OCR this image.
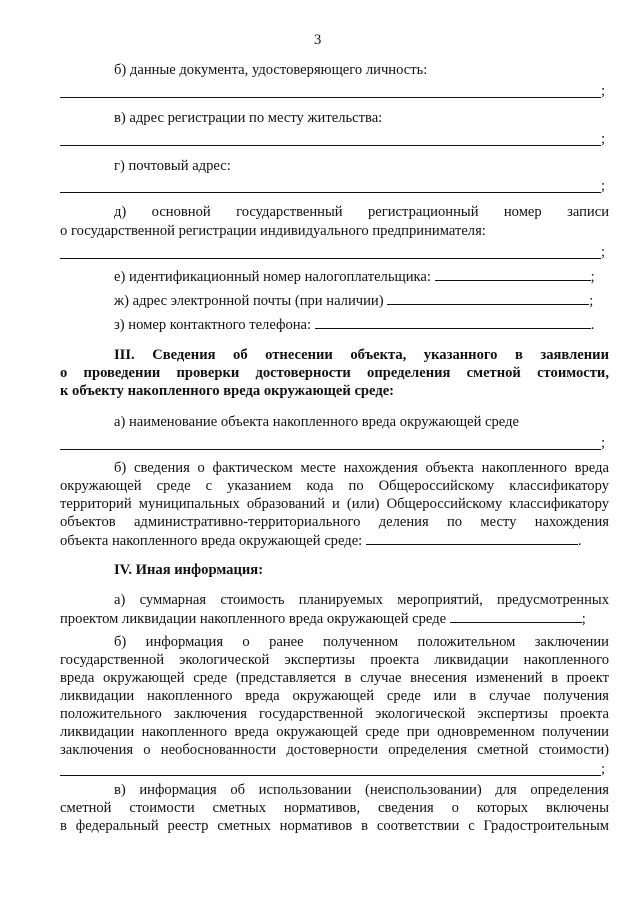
3
б) данные документа, удостоверяющего личность:
;
в) адрес регистрации по месту жительства:
;
г) почтовый адрес:
;
д) основной государственный регистрационный номер записи
о государственной регистрации индивидуального предпринимателя:
;
е) идентификационный номер налогоплательщика:	;
ж) адрес электронной почты (при наличии)	;
з) номер контактного телефона:	.
III. Сведения об отнесении объекта, указанного в заявлении
о проведении проверки достоверности определения сметной стоимости,
к объекту накопленного вреда окружающей среде:
а) наименование объекта накопленного вреда окружающей среде
;
б) сведения о фактическом месте нахождения объекта накопленного вреда
окружающей среде с указанием кода по Общероссийскому классификатору
территорий муниципальных образований и (или) Общероссийскому классификатору
объектов административно-территориального деления по месту нахождения
объекта накопленного вреда окружающей среде:	.
IV. Иная информация:
а) суммарная стоимость планируемых мероприятий, предусмотренных
проектом ликвидации накопленного вреда окружающей среде	;
б) информация о ранее полученном положительном заключении
государственной экологической экспертизы проекта ликвидации накопленного
вреда окружающей среде (представляется в случае внесения изменений в проект
ликвидации накопленного вреда окружающей среде или в случае получения
положительного заключения государственной экологической экспертизы проекта
ликвидации накопленного вреда окружающей среде при одновременном получении
заключения о необоснованности достоверности определения сметной стоимости)
;
в) информация об использовании (неиспользовании) для определения
сметной стоимости сметных нормативов, сведения о которых включены
в федеральный реестр сметных нормативов в соответствии с Градостроительным
